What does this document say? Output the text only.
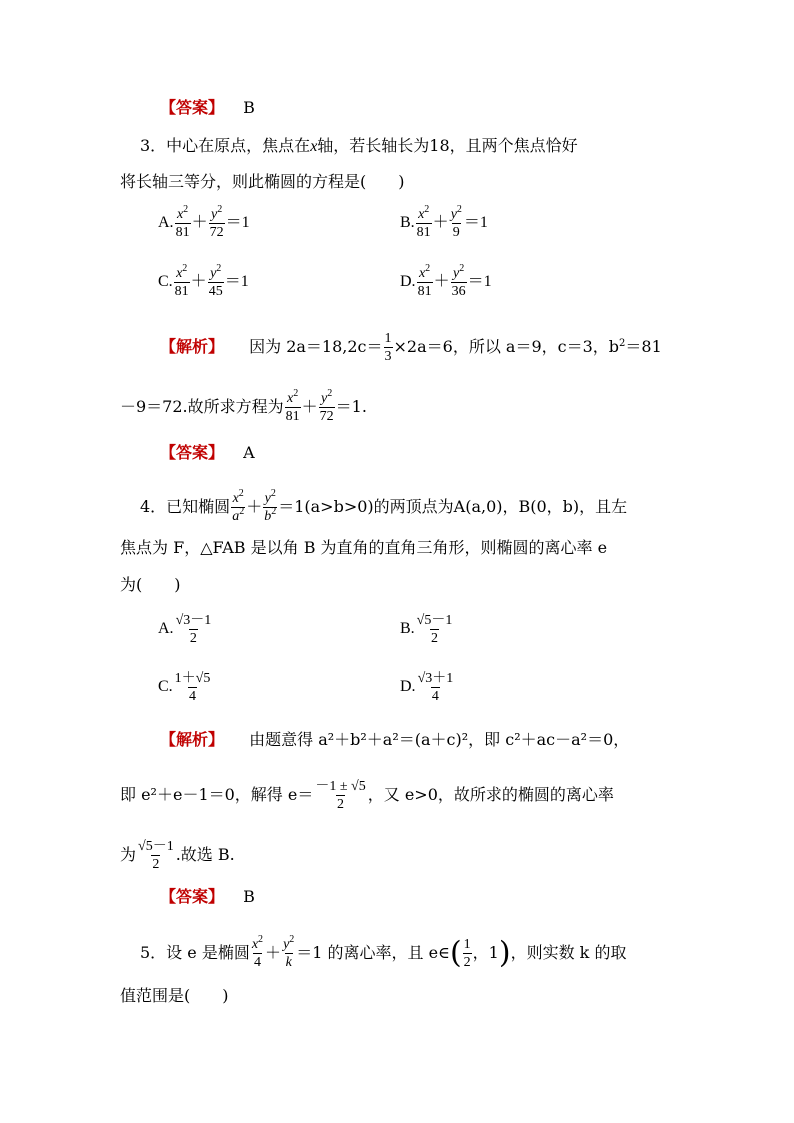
【答案】 B
3．中心在原点，焦点在x轴，若长轴长为18，且两个焦点恰好
将长轴三等分，则此椭圆的方程是(　　)
A. $\frac{x^2}{81} + \frac{y^2}{72} =1$	B. $\frac{x^2}{81} + \frac{y^2}{9} =1$
C. $\frac{x^2}{81} + \frac{y^2}{45} =1$	D. $\frac{x^2}{81} + \frac{y^2}{36} =1$
【解析】 因为 $2a=18,2c= \frac{1}{3} \times 2a=6$，所以 a＝9，c＝3，$b^2=81$
－9＝72.故所求方程为 $\frac{x^2}{81} + \frac{y^2}{72} =1$.
【答案】 A
4．已知椭圆 $\frac{x^2}{a^2} + \frac{y^2}{b^2} =1(a>b>0)$的两顶点为A(a,0)，B(0，b)，且左
焦点为 F，△FAB 是以角 B 为直角的直角三角形，则椭圆的离心率 e
为(　　)
A. $\frac{√3-1}{2}$	B. $\frac{√5-1}{2}$
C. $\frac{1+√5}{4}$	D. $\frac{√3+1}{4}$
【解析】 由题意得 a²＋b²＋a²＝(a＋c)²，即 c²＋ac－a²＝0，
即 e²＋e－1＝0，解得 $e= \frac{-1 \pm √5}{2}$ ，又 e>0，故所求的椭圆的离心率
为 $\frac{√5-1}{2}$ .故选 B.
【答案】 B
5．设 e 是椭圆 $\frac{x^2}{4} + \frac{y^2}{k} =1$ 的离心率，且 e∈( $\frac{1}{2}$ ，1)，则实数 k 的取
值范围是(　　)
